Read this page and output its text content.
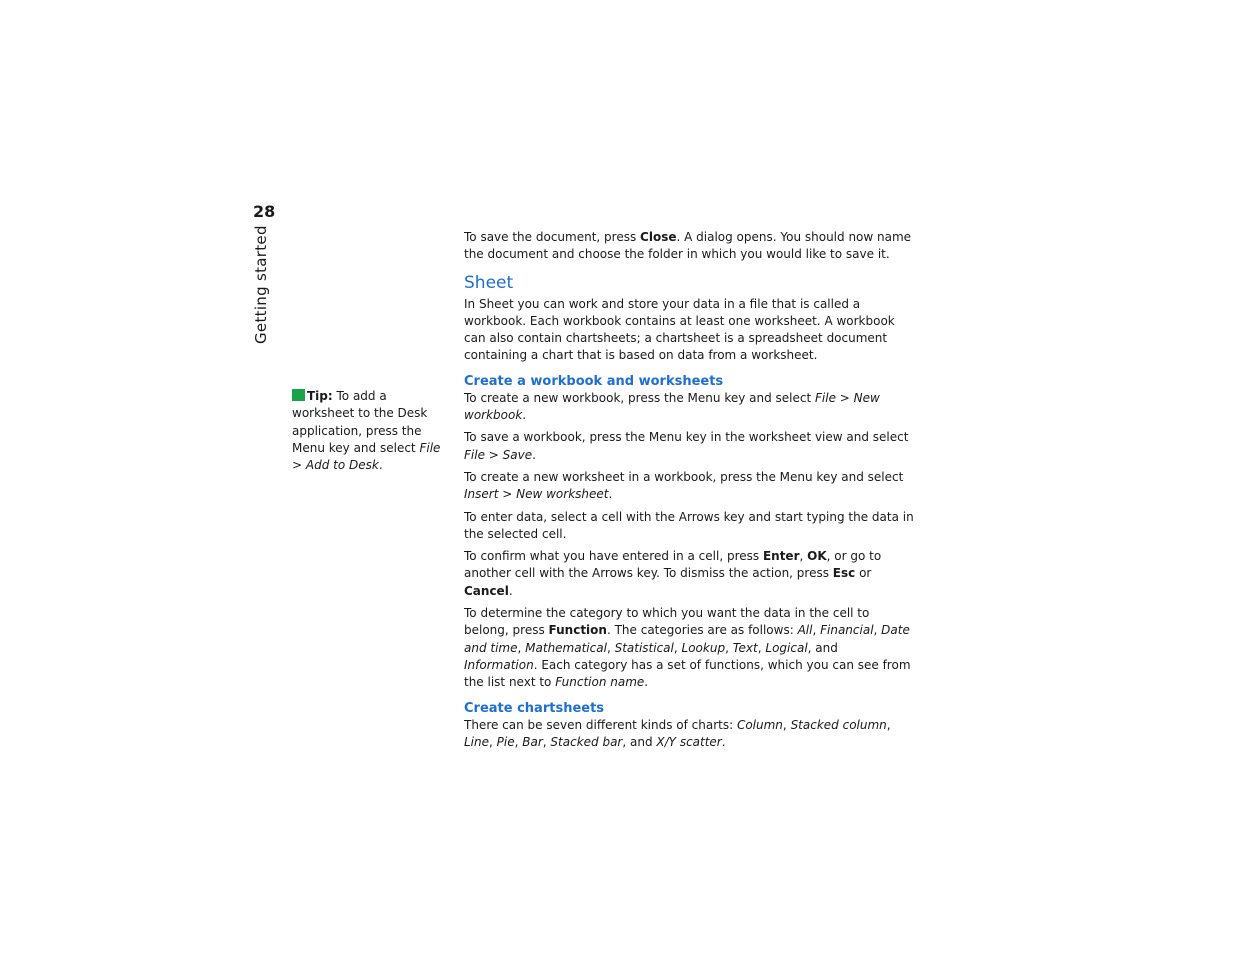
28
Getting started
Tip: To add a worksheet to the Desk application, press the Menu key and select File > Add to Desk.

To save the document, press Close. A dialog opens. You should now name the document and choose the folder in which you would like to save it.

Sheet

In Sheet you can work and store your data in a file that is called a workbook. Each workbook contains at least one worksheet. A workbook can also contain chartsheets; a chartsheet is a spreadsheet document containing a chart that is based on data from a worksheet.

Create a workbook and worksheets

To create a new workbook, press the Menu key and select File > New workbook.

To save a workbook, press the Menu key in the worksheet view and select File > Save.

To create a new worksheet in a workbook, press the Menu key and select Insert > New worksheet.

To enter data, select a cell with the Arrows key and start typing the data in the selected cell.

To confirm what you have entered in a cell, press Enter, OK, or go to another cell with the Arrows key. To dismiss the action, press Esc or Cancel.

To determine the category to which you want the data in the cell to belong, press Function. The categories are as follows: All, Financial, Date and time, Mathematical, Statistical, Lookup, Text, Logical, and Information. Each category has a set of functions, which you can see from the list next to Function name.

Create chartsheets

There can be seven different kinds of charts: Column, Stacked column, Line, Pie, Bar, Stacked bar, and X/Y scatter.
